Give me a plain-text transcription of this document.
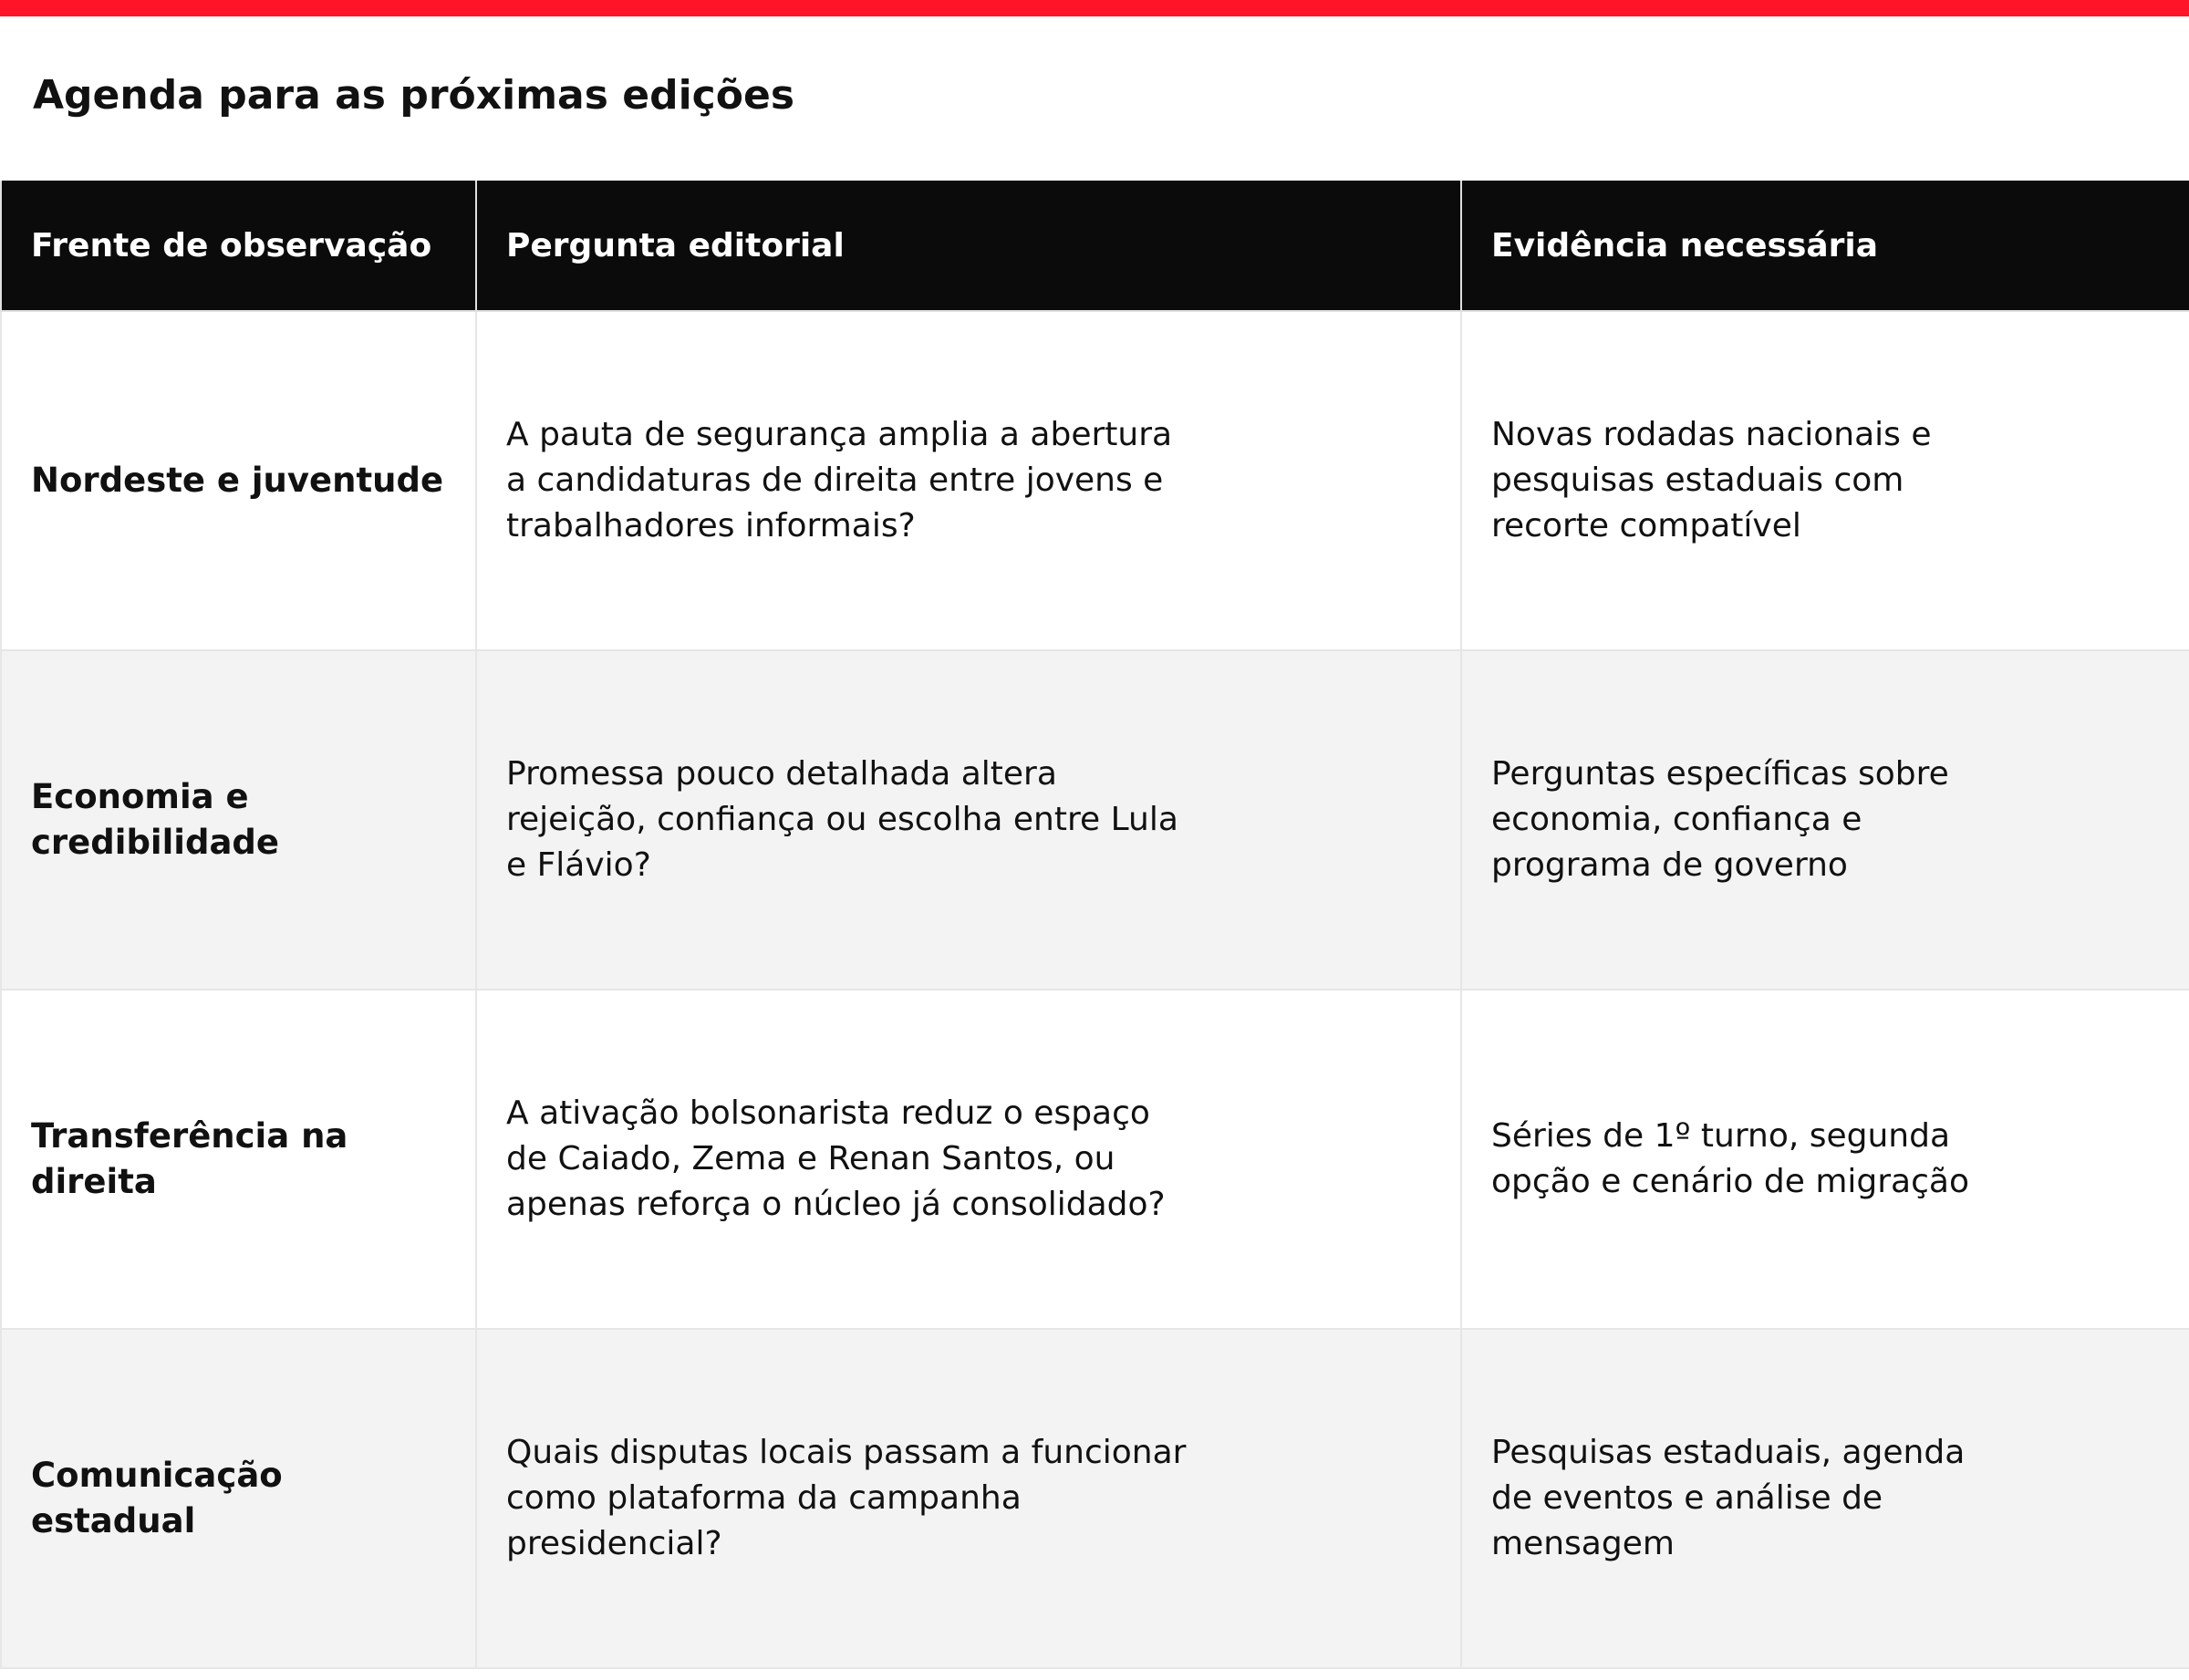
Agenda para as próximas edições
Frente de observação	Pergunta editorial	Evidência necessária

Nordeste e juventude	A pauta de segurança amplia a abertura a candidaturas de direita entre jovens e trabalhadores informais?	Novas rodadas nacionais e pesquisas estaduais com recorte compatível

Economia e credibilidade	Promessa pouco detalhada altera rejeição, confiança ou escolha entre Lula e Flávio?	Perguntas específicas sobre economia, confiança e programa de governo

Transferência na direita	A ativação bolsonarista reduz o espaço de Caiado, Zema e Renan Santos, ou apenas reforça o núcleo já consolidado?	Séries de 1º turno, segunda opção e cenário de migração

Comunicação estadual	Quais disputas locais passam a funcionar como plataforma da campanha presidencial?	Pesquisas estaduais, agenda de eventos e análise de mensagem
